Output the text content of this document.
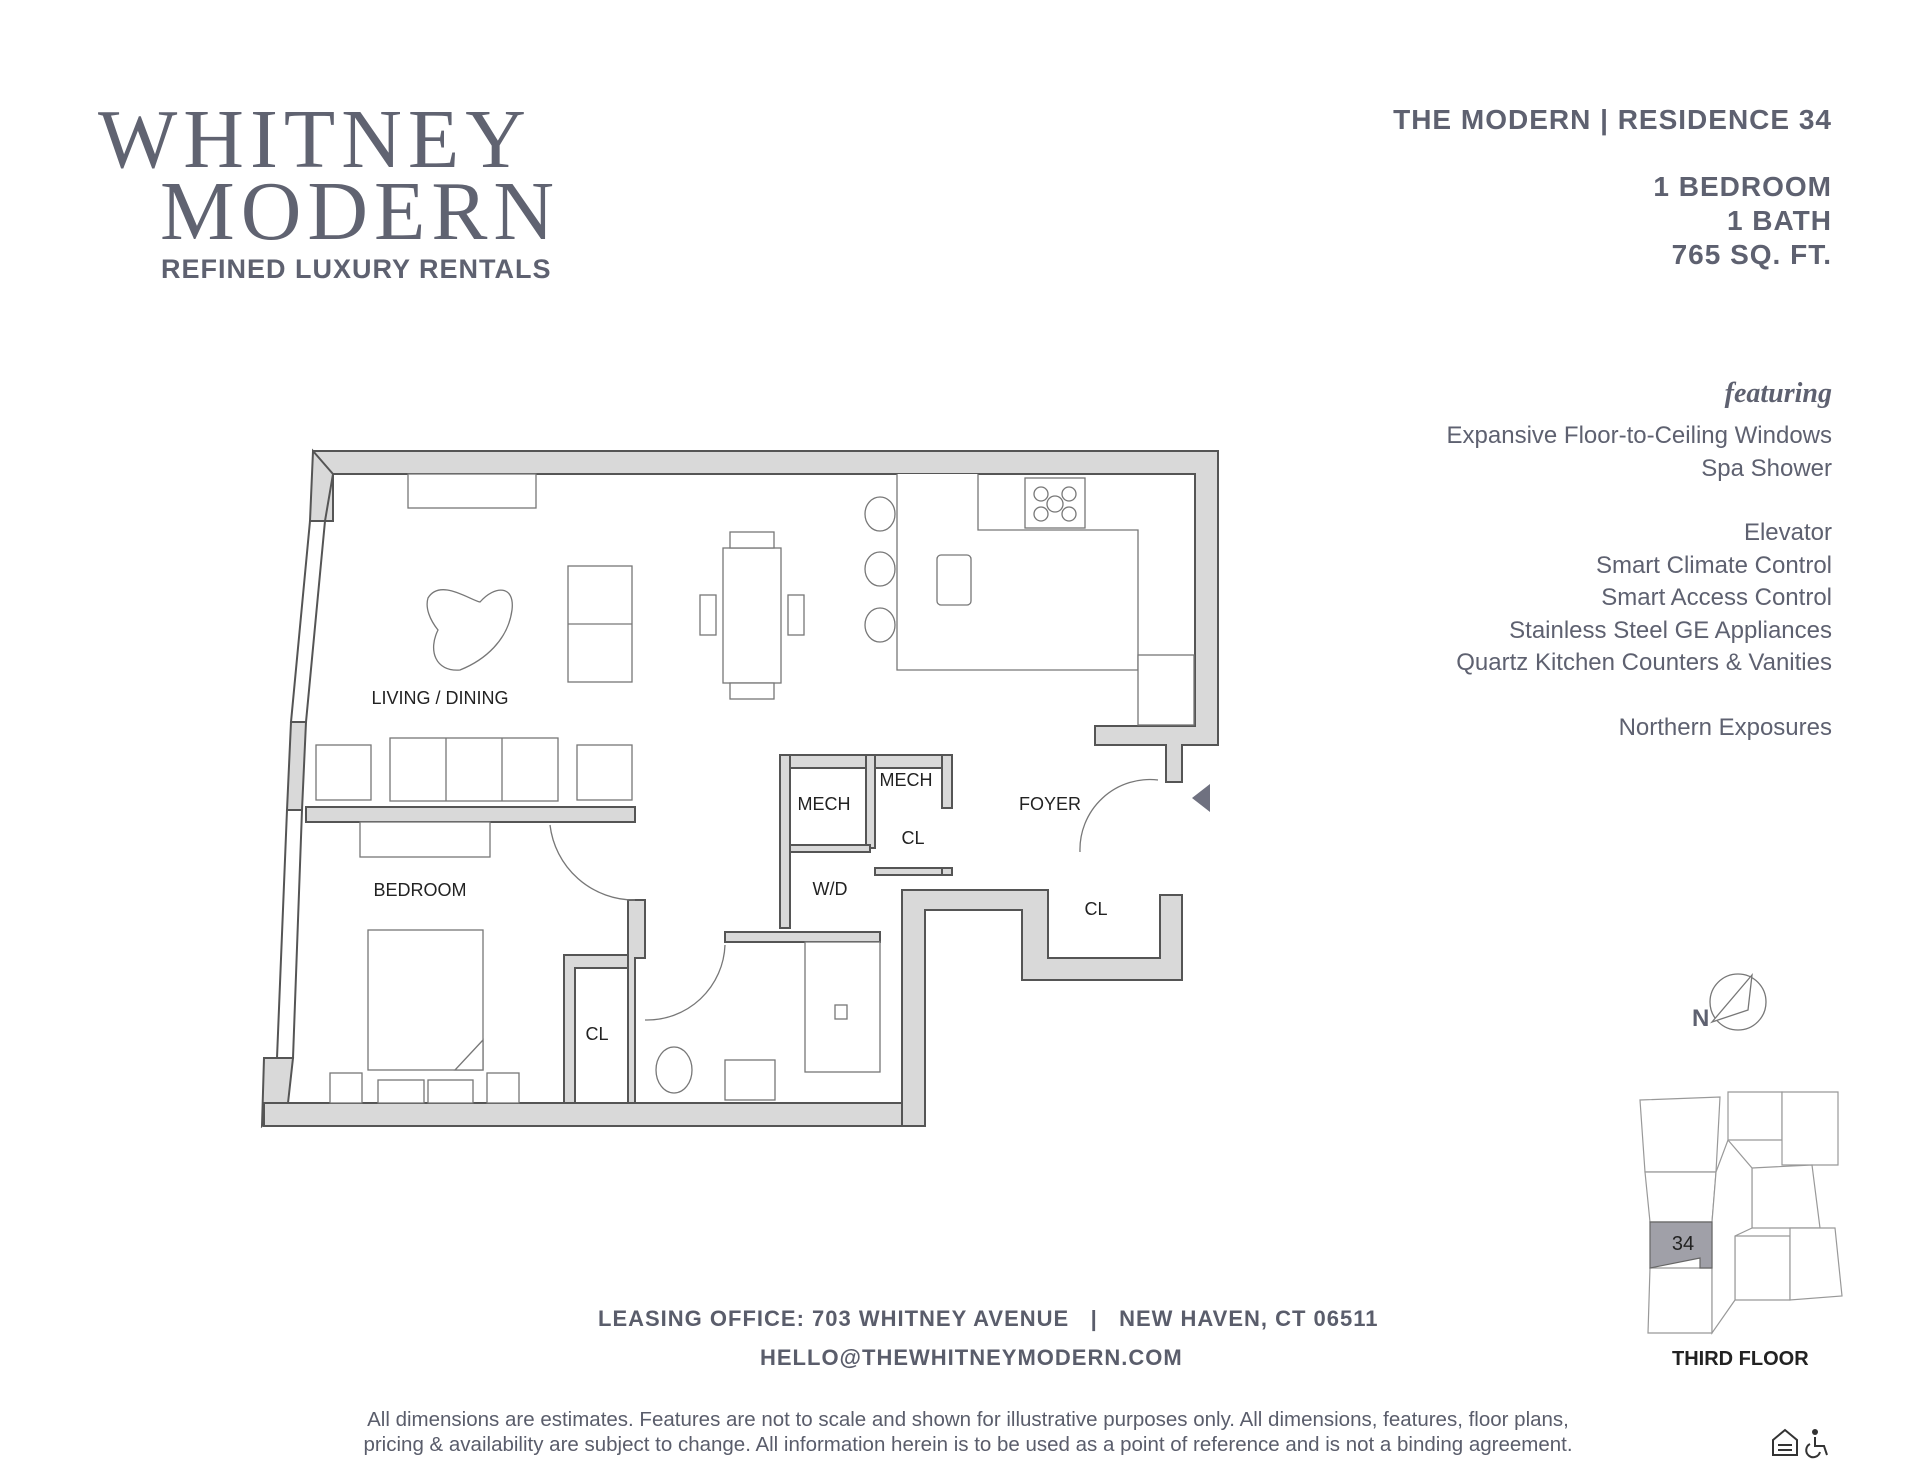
WHITNEY
MODERN
REFINED LUXURY RENTALS
THE MODERN | RESIDENCE 34
1 BEDROOM
1 BATH
765 SQ. FT.
featuring
Expansive Floor-to-Ceiling Windows
Spa Shower
Elevator
Smart Climate Control
Smart Access Control
Stainless Steel GE Appliances
Quartz Kitchen Counters & Vanities
Northern Exposures
LIVING / DINING
BEDROOM
FOYER
MECH
MECH
CL
CL
CL
W/D
N
34
THIRD FLOOR
LEASING OFFICE: 703 WHITNEY AVENUE   |   NEW HAVEN, CT 06511
HELLO@THEWHITNEYMODERN.COM
All dimensions are estimates. Features are not to scale and shown for illustrative purposes only. All dimensions, features, floor plans,
pricing & availability are subject to change. All information herein is to be used as a point of reference and is not a binding agreement.
